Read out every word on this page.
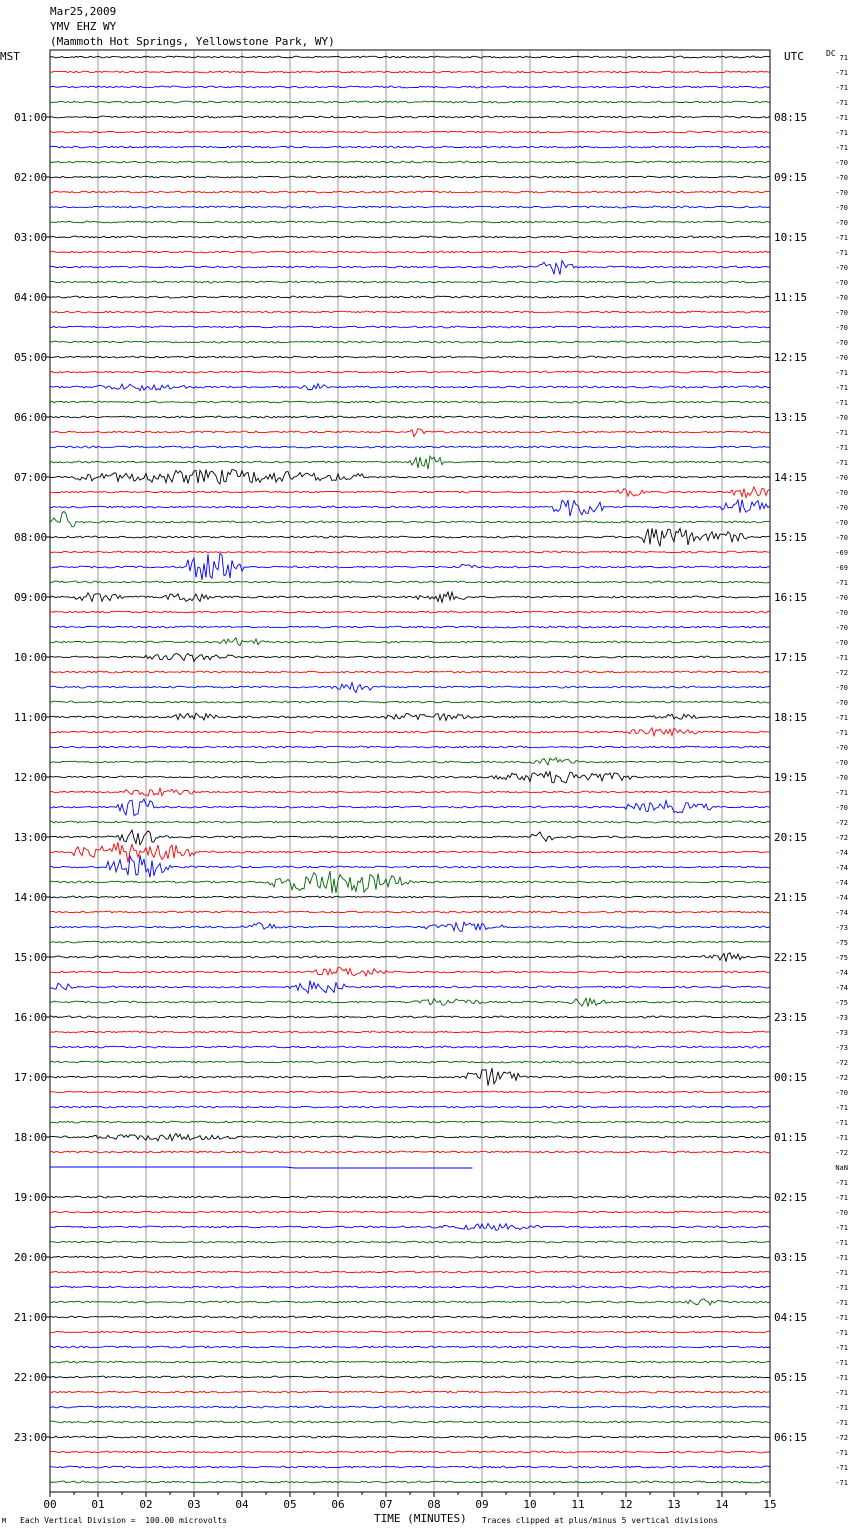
Mar25,2009
YMV EHZ WY
(Mammoth Hot Springs, Yellowstone Park, WY)
MST	UTC	DC
01:00
02:00
03:00
04:00
05:00
06:00
07:00
08:00
09:00
10:00
11:00
12:00
13:00
14:00
15:00
16:00
17:00
18:00
19:00
20:00
21:00
22:00
23:00
08:15
09:15
10:15
11:15
12:15
13:15
14:15
15:15
16:15
17:15
18:15
19:15
20:15
21:15
22:15
23:15
00:15
01:15
02:15
03:15
04:15
05:15
06:15
71
-71
-71
-71
-71
-71
-71
-70
-70
-70
-70
-70
-71
-71
-70
-70
-70
-70
-70
-70
-70
-71
-71
-71
-70
-71
-71
-71
-70
-70
-70
-70
-70
-69
-69
-71
-70
-70
-70
-70
-71
-72
-70
-70
-71
-71
-70
-70
-70
-71
-70
-72
-72
-74
-74
-74
-74
-74
-73
-75
-75
-74
-74
-75
-73
-73
-73
-72
-72
-70
-71
-71
-71
-72
NaN
-71
-71
-70
-71
-71
-71
-71
-71
-71
-71
-71
-71
-71
-71
-71
-71
-71
-72
-71
-71
-71
00	01	02	03	04	05	06	07	08	09	10	11	12	13	14	15
M Each Vertical Division =  100.00 microvolts	TIME (MINUTES) Traces clipped at plus/minus 5 vertical divisions
